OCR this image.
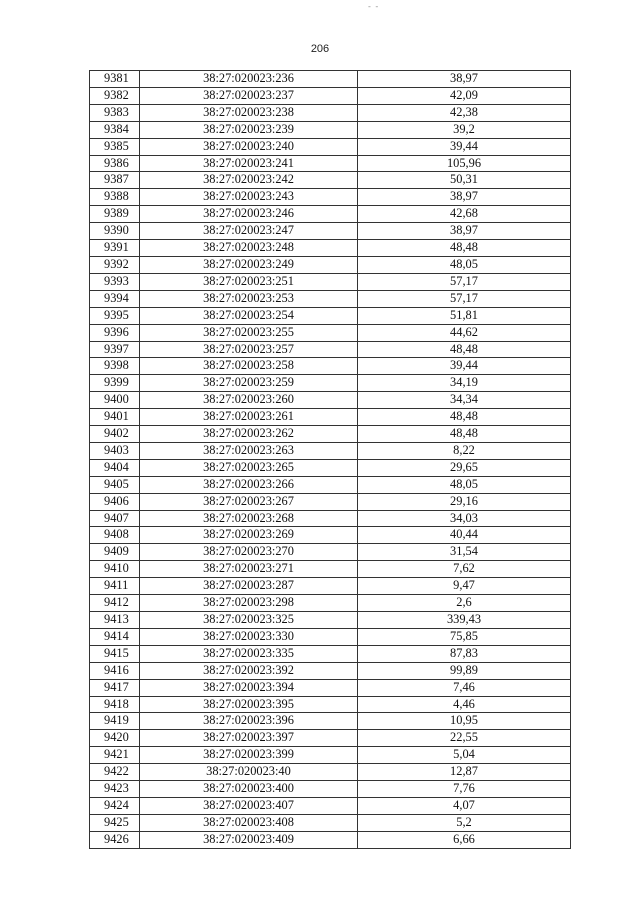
- -
206
9381	38:27:020023:236	38,97
9382	38:27:020023:237	42,09
9383	38:27:020023:238	42,38
9384	38:27:020023:239	39,2
9385	38:27:020023:240	39,44
9386	38:27:020023:241	105,96
9387	38:27:020023:242	50,31
9388	38:27:020023:243	38,97
9389	38:27:020023:246	42,68
9390	38:27:020023:247	38,97
9391	38:27:020023:248	48,48
9392	38:27:020023:249	48,05
9393	38:27:020023:251	57,17
9394	38:27:020023:253	57,17
9395	38:27:020023:254	51,81
9396	38:27:020023:255	44,62
9397	38:27:020023:257	48,48
9398	38:27:020023:258	39,44
9399	38:27:020023:259	34,19
9400	38:27:020023:260	34,34
9401	38:27:020023:261	48,48
9402	38:27:020023:262	48,48
9403	38:27:020023:263	8,22
9404	38:27:020023:265	29,65
9405	38:27:020023:266	48,05
9406	38:27:020023:267	29,16
9407	38:27:020023:268	34,03
9408	38:27:020023:269	40,44
9409	38:27:020023:270	31,54
9410	38:27:020023:271	7,62
9411	38:27:020023:287	9,47
9412	38:27:020023:298	2,6
9413	38:27:020023:325	339,43
9414	38:27:020023:330	75,85
9415	38:27:020023:335	87,83
9416	38:27:020023:392	99,89
9417	38:27:020023:394	7,46
9418	38:27:020023:395	4,46
9419	38:27:020023:396	10,95
9420	38:27:020023:397	22,55
9421	38:27:020023:399	5,04
9422	38:27:020023:40	12,87
9423	38:27:020023:400	7,76
9424	38:27:020023:407	4,07
9425	38:27:020023:408	5,2
9426	38:27:020023:409	6,66
